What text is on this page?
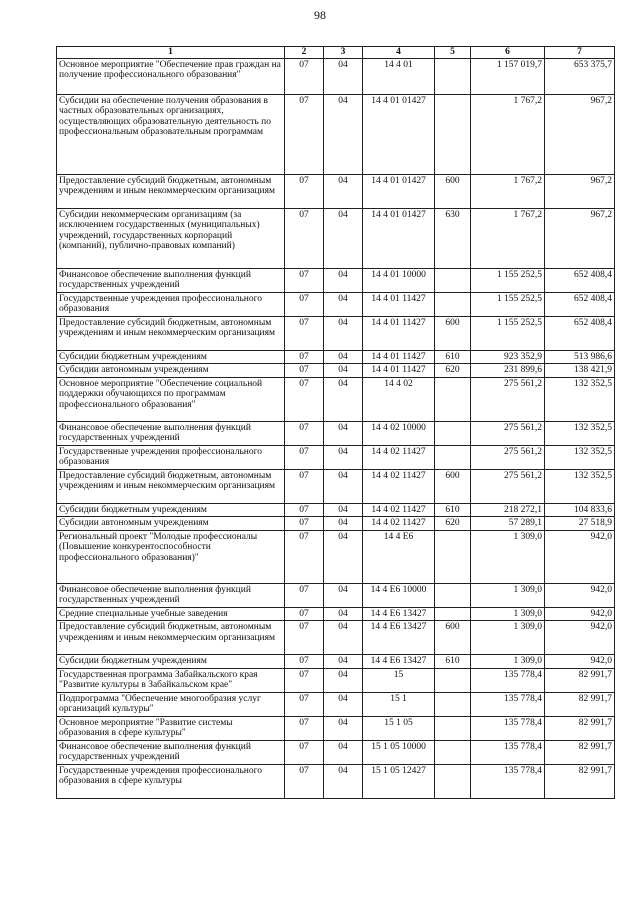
98
1	2	3	4	5	6	7
Основное мероприятие "Обеспечение прав граждан на получение профессионального образования"	07	04	14 4 01		1 157 019,7	653 375,7
Субсидии на обеспечение получения образования в частных образовательных организациях, осуществляющих образовательную деятельность по профессиональным образовательным программам	07	04	14 4 01 01427		1 767,2	967,2
Предоставление субсидий бюджетным, автономным учреждениям и иным некоммерческим организациям	07	04	14 4 01 01427	600	1 767,2	967,2
Субсидии некоммерческим организациям (за исключением государственных (муниципальных) учреждений, государственных корпораций (компаний), публично-правовых компаний)	07	04	14 4 01 01427	630	1 767,2	967,2
Финансовое обеспечение выполнения функций государственных учреждений	07	04	14 4 01 10000		1 155 252,5	652 408,4
Государственные учреждения профессионального образования	07	04	14 4 01 11427		1 155 252,5	652 408,4
Предоставление субсидий бюджетным, автономным учреждениям и иным некоммерческим организациям	07	04	14 4 01 11427	600	1 155 252,5	652 408,4
Субсидии бюджетным учреждениям	07	04	14 4 01 11427	610	923 352,9	513 986,6
Субсидии автономным учреждениям	07	04	14 4 01 11427	620	231 899,6	138 421,9
Основное мероприятие "Обеспечение социальной поддержки обучающихся по программам профессионального образования"	07	04	14 4 02		275 561,2	132 352,5
Финансовое обеспечение выполнения функций государственных учреждений	07	04	14 4 02 10000		275 561,2	132 352,5
Государственные учреждения профессионального образования	07	04	14 4 02 11427		275 561,2	132 352,5
Предоставление субсидий бюджетным, автономным учреждениям и иным некоммерческим организациям	07	04	14 4 02 11427	600	275 561,2	132 352,5
Субсидии бюджетным учреждениям	07	04	14 4 02 11427	610	218 272,1	104 833,6
Субсидии автономным учреждениям	07	04	14 4 02 11427	620	57 289,1	27 518,9
Региональный проект "Молодые профессионалы (Повышение конкурентоспособности профессионального образования)"	07	04	14 4 E6		1 309,0	942,0
Финансовое обеспечение выполнения функций государственных учреждений	07	04	14 4 E6 10000		1 309,0	942,0
Средние специальные учебные заведения	07	04	14 4 E6 13427		1 309,0	942,0
Предоставление субсидий бюджетным, автономным учреждениям и иным некоммерческим организациям	07	04	14 4 E6 13427	600	1 309,0	942,0
Субсидии бюджетным учреждениям	07	04	14 4 E6 13427	610	1 309,0	942,0
Государственная программа Забайкальского края "Развитие культуры в Забайкальском крае"	07	04	15		135 778,4	82 991,7
Подпрограмма "Обеспечение многообразия услуг организаций культуры"	07	04	15 1		135 778,4	82 991,7
Основное мероприятие "Развитие системы образования в сфере культуры"	07	04	15 1 05		135 778,4	82 991,7
Финансовое обеспечение выполнения функций государственных учреждений	07	04	15 1 05 10000		135 778,4	82 991,7
Государственные учреждения профессионального образования в сфере культуры	07	04	15 1 05 12427		135 778,4	82 991,7
